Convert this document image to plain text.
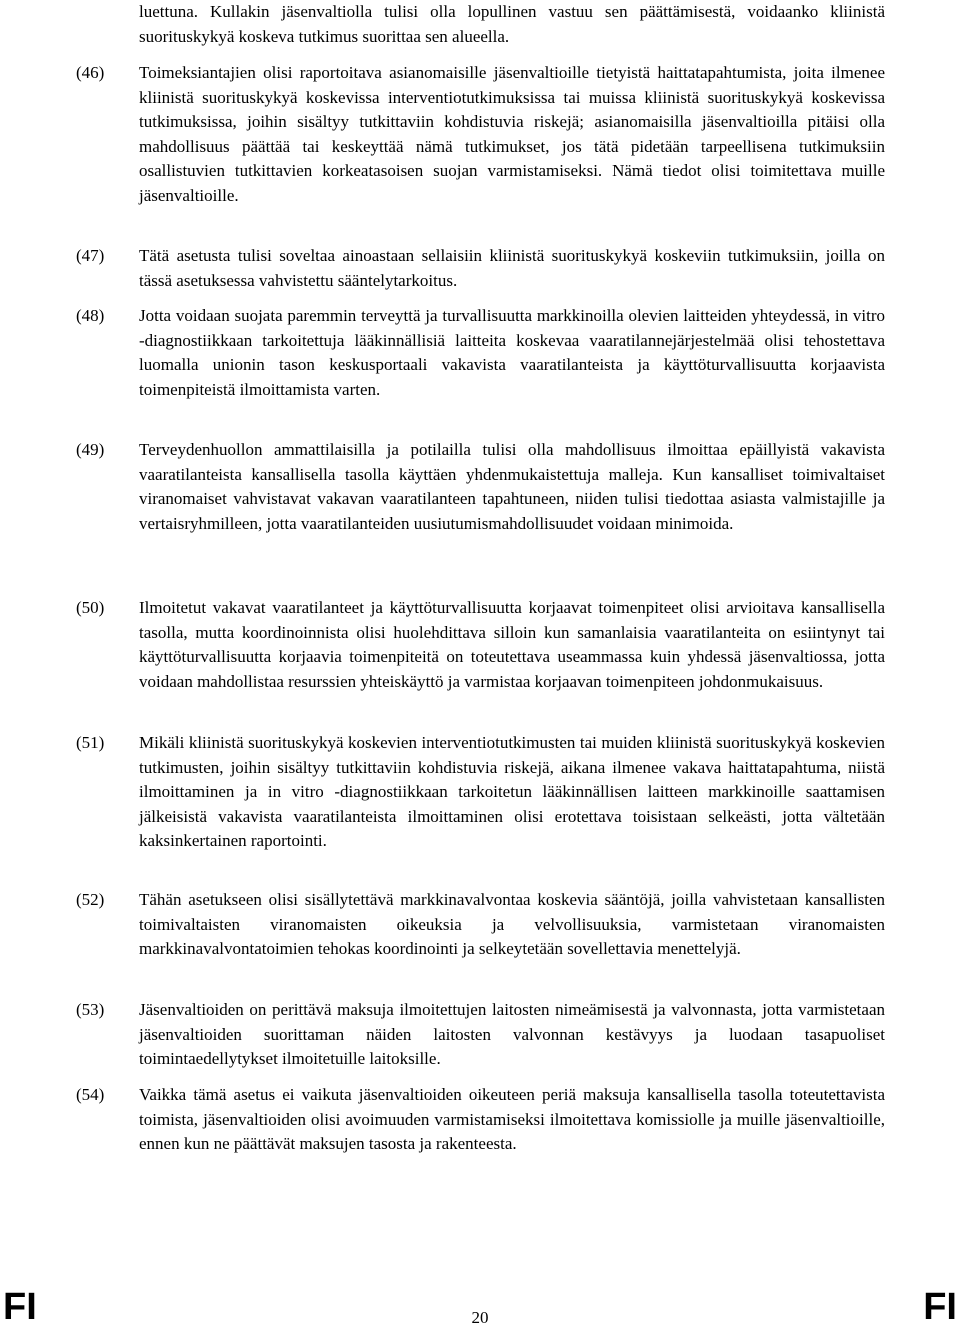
luettuna. Kullakin jäsenvaltiolla tulisi olla lopullinen vastuu sen päättämisestä, voidaanko kliinistä suorituskykyä koskeva tutkimus suorittaa sen alueella.
(46) Toimeksiantajien olisi raportoitava asianomaisille jäsenvaltioille tietyistä haittatapahtumista, joita ilmenee kliinistä suorituskykyä koskevissa interventiotutkimuksissa tai muissa kliinistä suorituskykyä koskevissa tutkimuksissa, joihin sisältyy tutkittaviin kohdistuvia riskejä; asianomaisilla jäsenvaltioilla pitäisi olla mahdollisuus päättää tai keskeyttää nämä tutkimukset, jos tätä pidetään tarpeellisena tutkimuksiin osallistuvien tutkittavien korkeatasoisen suojan varmistamiseksi. Nämä tiedot olisi toimitettava muille jäsenvaltioille.
(47) Tätä asetusta tulisi soveltaa ainoastaan sellaisiin kliinistä suorituskykyä koskeviin tutkimuksiin, joilla on tässä asetuksessa vahvistettu sääntelytarkoitus.
(48) Jotta voidaan suojata paremmin terveyttä ja turvallisuutta markkinoilla olevien laitteiden yhteydessä, in vitro -diagnostiikkaan tarkoitettuja lääkinnällisiä laitteita koskevaa vaaratilannejärjestelmää olisi tehostettava luomalla unionin tason keskusportaali vakavista vaaratilanteista ja käyttöturvallisuutta korjaavista toimenpiteistä ilmoittamista varten.
(49) Terveydenhuollon ammattilaisilla ja potilailla tulisi olla mahdollisuus ilmoittaa epäillyistä vakavista vaaratilanteista kansallisella tasolla käyttäen yhdenmukaistettuja malleja. Kun kansalliset toimivaltaiset viranomaiset vahvistavat vakavan vaaratilanteen tapahtuneen, niiden tulisi tiedottaa asiasta valmistajille ja vertaisryhmilleen, jotta vaaratilanteiden uusiutumismahdollisuudet voidaan minimoida.
(50) Ilmoitetut vakavat vaaratilanteet ja käyttöturvallisuutta korjaavat toimenpiteet olisi arvioitava kansallisella tasolla, mutta koordinoinnista olisi huolehdittava silloin kun samanlaisia vaaratilanteita on esiintynyt tai käyttöturvallisuutta korjaavia toimenpiteitä on toteutettava useammassa kuin yhdessä jäsenvaltiossa, jotta voidaan mahdollistaa resurssien yhteiskäyttö ja varmistaa korjaavan toimenpiteen johdonmukaisuus.
(51) Mikäli kliinistä suorituskykyä koskevien interventiotutkimusten tai muiden kliinistä suorituskykyä koskevien tutkimusten, joihin sisältyy tutkittaviin kohdistuvia riskejä, aikana ilmenee vakava haittatapahtuma, niistä ilmoittaminen ja in vitro -diagnostiikkaan tarkoitetun lääkinnällisen laitteen markkinoille saattamisen jälkeisistä vakavista vaaratilanteista ilmoittaminen olisi erotettava toisistaan selkeästi, jotta vältetään kaksinkertainen raportointi.
(52) Tähän asetukseen olisi sisällytettävä markkinavalvontaa koskevia sääntöjä, joilla vahvistetaan kansallisten toimivaltaisten viranomaisten oikeuksia ja velvollisuuksia, varmistetaan viranomaisten markkinavalvontatoimien tehokas koordinointi ja selkeytetään sovellettavia menettelyjä.
(53) Jäsenvaltioiden on perittävä maksuja ilmoitettujen laitosten nimeämisestä ja valvonnasta, jotta varmistetaan jäsenvaltioiden suorittaman näiden laitosten valvonnan kestävyys ja luodaan tasapuoliset toimintaedellytykset ilmoitetuille laitoksille.
(54) Vaikka tämä asetus ei vaikuta jäsenvaltioiden oikeuteen periä maksuja kansallisella tasolla toteutettavista toimista, jäsenvaltioiden olisi avoimuuden varmistamiseksi ilmoitettava komissiolle ja muille jäsenvaltioille, ennen kun ne päättävät maksujen tasosta ja rakenteesta.
FI	20	FI
